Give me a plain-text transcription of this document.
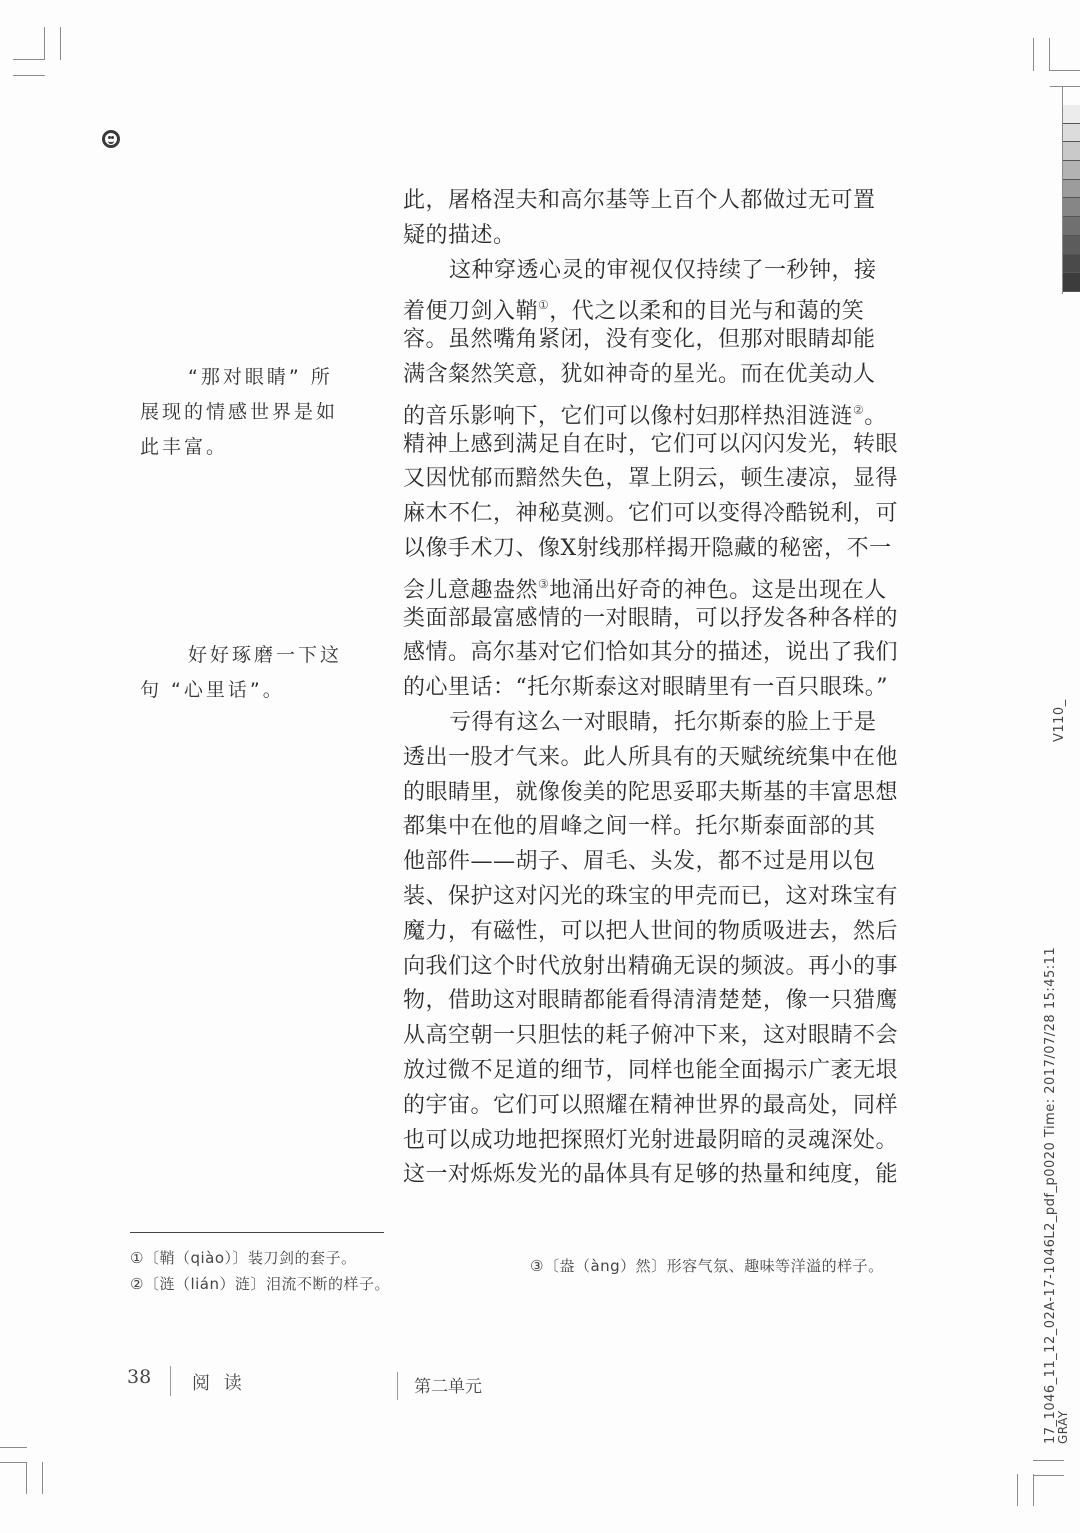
此，屠格涅夫和高尔基等上百个人都做过无可置
疑的描述。
这种穿透心灵的审视仅仅持续了一秒钟，接
着便刀剑入鞘①，代之以柔和的目光与和蔼的笑
容。虽然嘴角紧闭，没有变化，但那对眼睛却能
满含粲然笑意，犹如神奇的星光。而在优美动人
的音乐影响下，它们可以像村妇那样热泪涟涟②。
精神上感到满足自在时，它们可以闪闪发光，转眼
又因忧郁而黯然失色，罩上阴云，顿生凄凉，显得
麻木不仁，神秘莫测。它们可以变得冷酷锐利，可
以像手术刀、像X射线那样揭开隐藏的秘密，不一
会儿意趣盎然③地涌出好奇的神色。这是出现在人
类面部最富感情的一对眼睛，可以抒发各种各样的
感情。高尔基对它们恰如其分的描述，说出了我们
的心里话：“托尔斯泰这对眼睛里有一百只眼珠。”
亏得有这么一对眼睛，托尔斯泰的脸上于是
透出一股才气来。此人所具有的天赋统统集中在他
的眼睛里，就像俊美的陀思妥耶夫斯基的丰富思想
都集中在他的眉峰之间一样。托尔斯泰面部的其
他部件——胡子、眉毛、头发，都不过是用以包
装、保护这对闪光的珠宝的甲壳而已，这对珠宝有
魔力，有磁性，可以把人世间的物质吸进去，然后
向我们这个时代放射出精确无误的频波。再小的事
物，借助这对眼睛都能看得清清楚楚，像一只猎鹰
从高空朝一只胆怯的耗子俯冲下来，这对眼睛不会
放过微不足道的细节，同样也能全面揭示广袤无垠
的宇宙。它们可以照耀在精神世界的最高处，同样
也可以成功地把探照灯光射进最阴暗的灵魂深处。
这一对烁烁发光的晶体具有足够的热量和纯度，能
“那对眼睛” 所
展现的情感世界是如
此丰富。
好好琢磨一下这
句 “心里话”。
①〔鞘（qiào）〕装刀剑的套子。
②〔涟（lián）涟〕泪流不断的样子。
③〔盎（àng）然〕形容气氛、趣味等洋溢的样子。
38 阅 读	第二单元
V110_
17_1046_11_12_02A-17-1046L2_pdf_p0020 Time: 2017/07/28 15:45:11
GRAY
